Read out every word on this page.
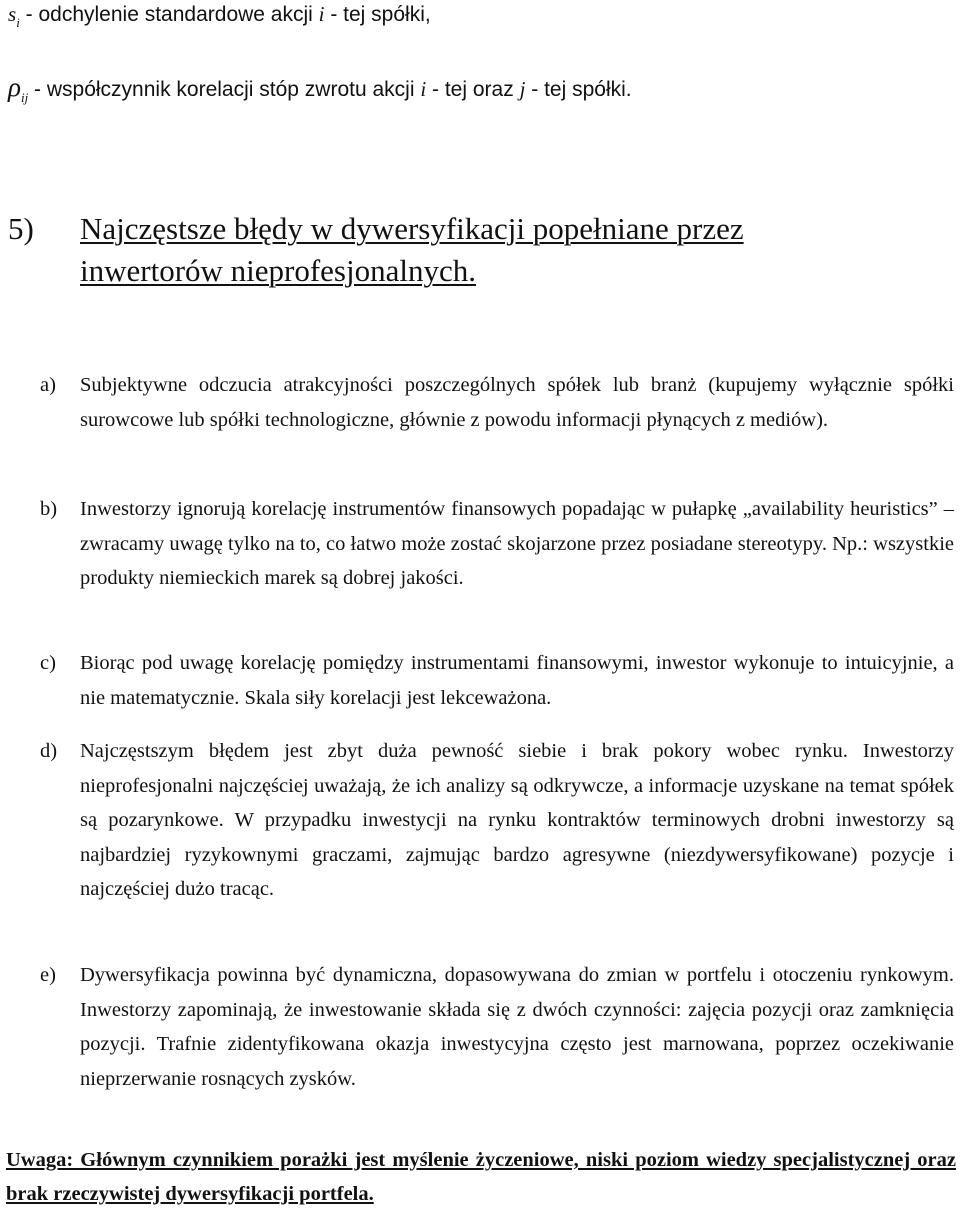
$s_i$ - odchylenie standardowe akcji i - tej spółki,
$\rho_{ij}$ - współczynnik korelacji stóp zwrotu akcji i - tej oraz j - tej spółki.
5) Najczęstsze błędy w dywersyfikacji popełniane przez inwertorów nieprofesjonalnych.
a) Subjektywne odczucia atrakcyjności poszczególnych spółek lub branż (kupujemy wyłącznie spółki surowcowe lub spółki technologiczne, głównie z powodu informacji płynących z mediów).
b) Inwestorzy ignorują korelację instrumentów finansowych popadając w pułapkę „availability heuristics” – zwracamy uwagę tylko na to, co łatwo może zostać skojarzone przez posiadane stereotypy. Np.: wszystkie produkty niemieckich marek są dobrej jakości.
c) Biorąc pod uwagę korelację pomiędzy instrumentami finansowymi, inwestor wykonuje to intuicyjnie, a nie matematycznie. Skala siły korelacji jest lekceważona.
d) Najczęstszym błędem jest zbyt duża pewność siebie i brak pokory wobec rynku. Inwestorzy nieprofesjonalni najczęściej uważają, że ich analizy są odkrywcze, a informacje uzyskane na temat spółek są pozarynkowe. W przypadku inwestycji na rynku kontraktów terminowych drobni inwestorzy są najbardziej ryzykownymi graczami, zajmując bardzo agresywne (niezdywersyfikowane) pozycje i najczęściej dużo tracąc.
e) Dywersyfikacja powinna być dynamiczna, dopasowywana do zmian w portfelu i otoczeniu rynkowym. Inwestorzy zapominają, że inwestowanie składa się z dwóch czynności: zajęcia pozycji oraz zamknięcia pozycji. Trafnie zidentyfikowana okazja inwestycyjna często jest marnowana, poprzez oczekiwanie nieprzerwanie rosnących zysków.
Uwaga: Głównym czynnikiem porażki jest myślenie życzeniowe, niski poziom wiedzy specjalistycznej oraz brak rzeczywistej dywersyfikacji portfela.
